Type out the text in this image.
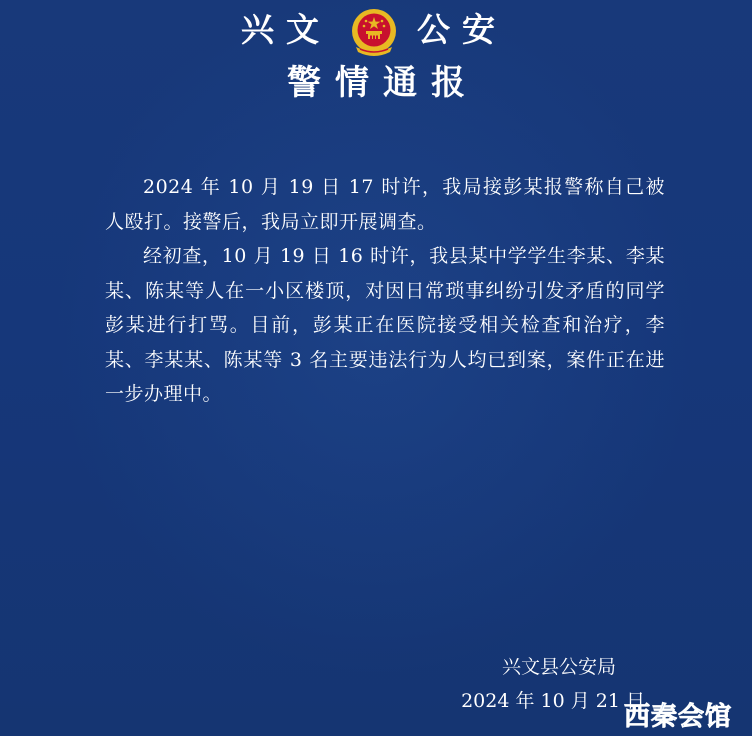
兴文	公安
警情通报

2024 年 10 月 19 日 17 时许，我局接彭某报警称自己被人殴打。接警后，我局立即开展调查。

经初查，10 月 19 日 16 时许，我县某中学学生李某、李某某、陈某等人在一小区楼顶，对因日常琐事纠纷引发矛盾的同学彭某进行打骂。目前，彭某正在医院接受相关检查和治疗，李某、李某某、陈某等 3 名主要违法行为人均已到案，案件正在进一步办理中。

兴文县公安局
2024 年 10 月 21 日
西秦会馆
